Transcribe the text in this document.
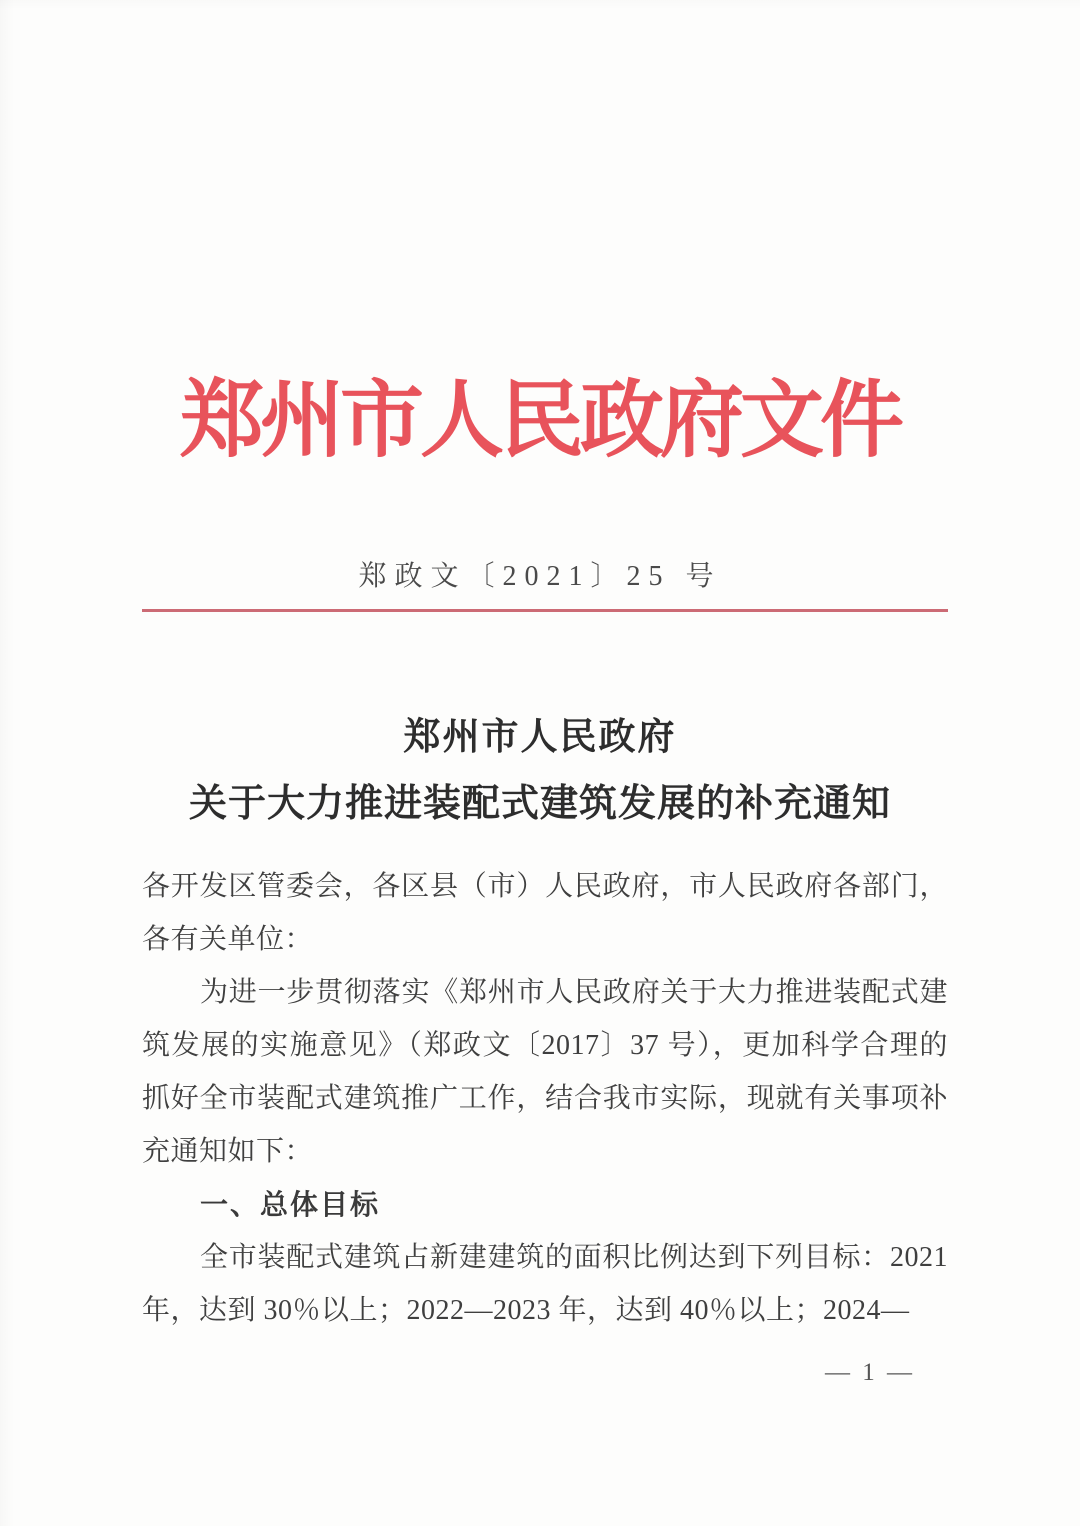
郑州市人民政府文件
郑政文〔2021〕25 号
郑州市人民政府
关于大力推进装配式建筑发展的补充通知

各开发区管委会，各区县（市）人民政府，市人民政府各部门，各有关单位：

为进一步贯彻落实《郑州市人民政府关于大力推进装配式建筑发展的实施意见》（郑政文〔2017〕37 号），更加科学合理的抓好全市装配式建筑推广工作，结合我市实际，现就有关事项补充通知如下：

一、总体目标

全市装配式建筑占新建建筑的面积比例达到下列目标：2021 年，达到 30％以上；2022—2023 年，达到 40％以上；2024—

— 1 —
